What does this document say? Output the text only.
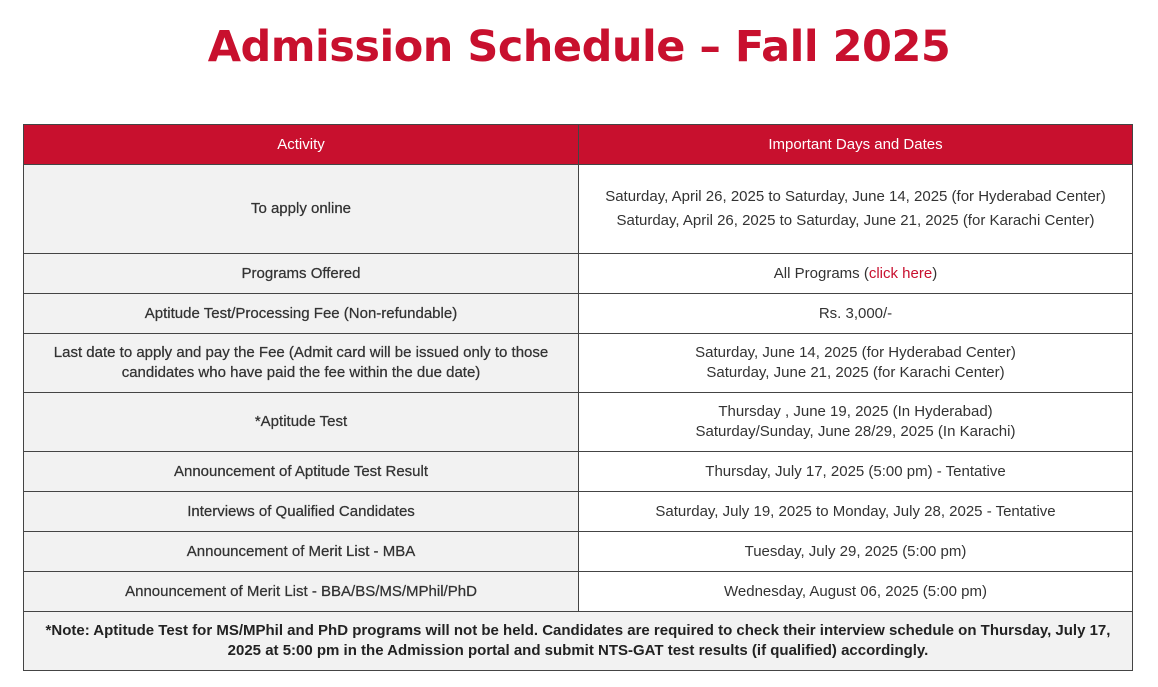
Admission Schedule – Fall 2025
Activity	Important Days and Dates
To apply online	Saturday, April 26, 2025 to Saturday, June 14, 2025 (for Hyderabad Center)
Saturday, April 26, 2025 to Saturday, June 21, 2025 (for Karachi Center)

Programs Offered	All Programs (click here)
Aptitude Test/Processing Fee (Non-refundable)	Rs. 3,000/-

Last date to apply and pay the Fee (Admit card will be issued only to those candidates who have paid the fee within the due date)	Saturday, June 14, 2025 (for Hyderabad Center)
Saturday, June 21, 2025 (for Karachi Center)

*Aptitude Test	Thursday , June 19, 2025 (In Hyderabad)
Saturday/Sunday, June 28/29, 2025 (In Karachi)

Announcement of Aptitude Test Result	Thursday, July 17, 2025 (5:00 pm) - Tentative

Interviews of Qualified Candidates	Saturday, July 19, 2025 to Monday, July 28, 2025 - Tentative

Announcement of Merit List - MBA	Tuesday, July 29, 2025 (5:00 pm)

Announcement of Merit List - BBA/BS/MS/MPhil/PhD	Wednesday, August 06, 2025 (5:00 pm)

*Note: Aptitude Test for MS/MPhil and PhD programs will not be held. Candidates are required to check their interview schedule on Thursday, July 17, 2025 at 5:00 pm in the Admission portal and submit NTS-GAT test results (if qualified) accordingly.	
